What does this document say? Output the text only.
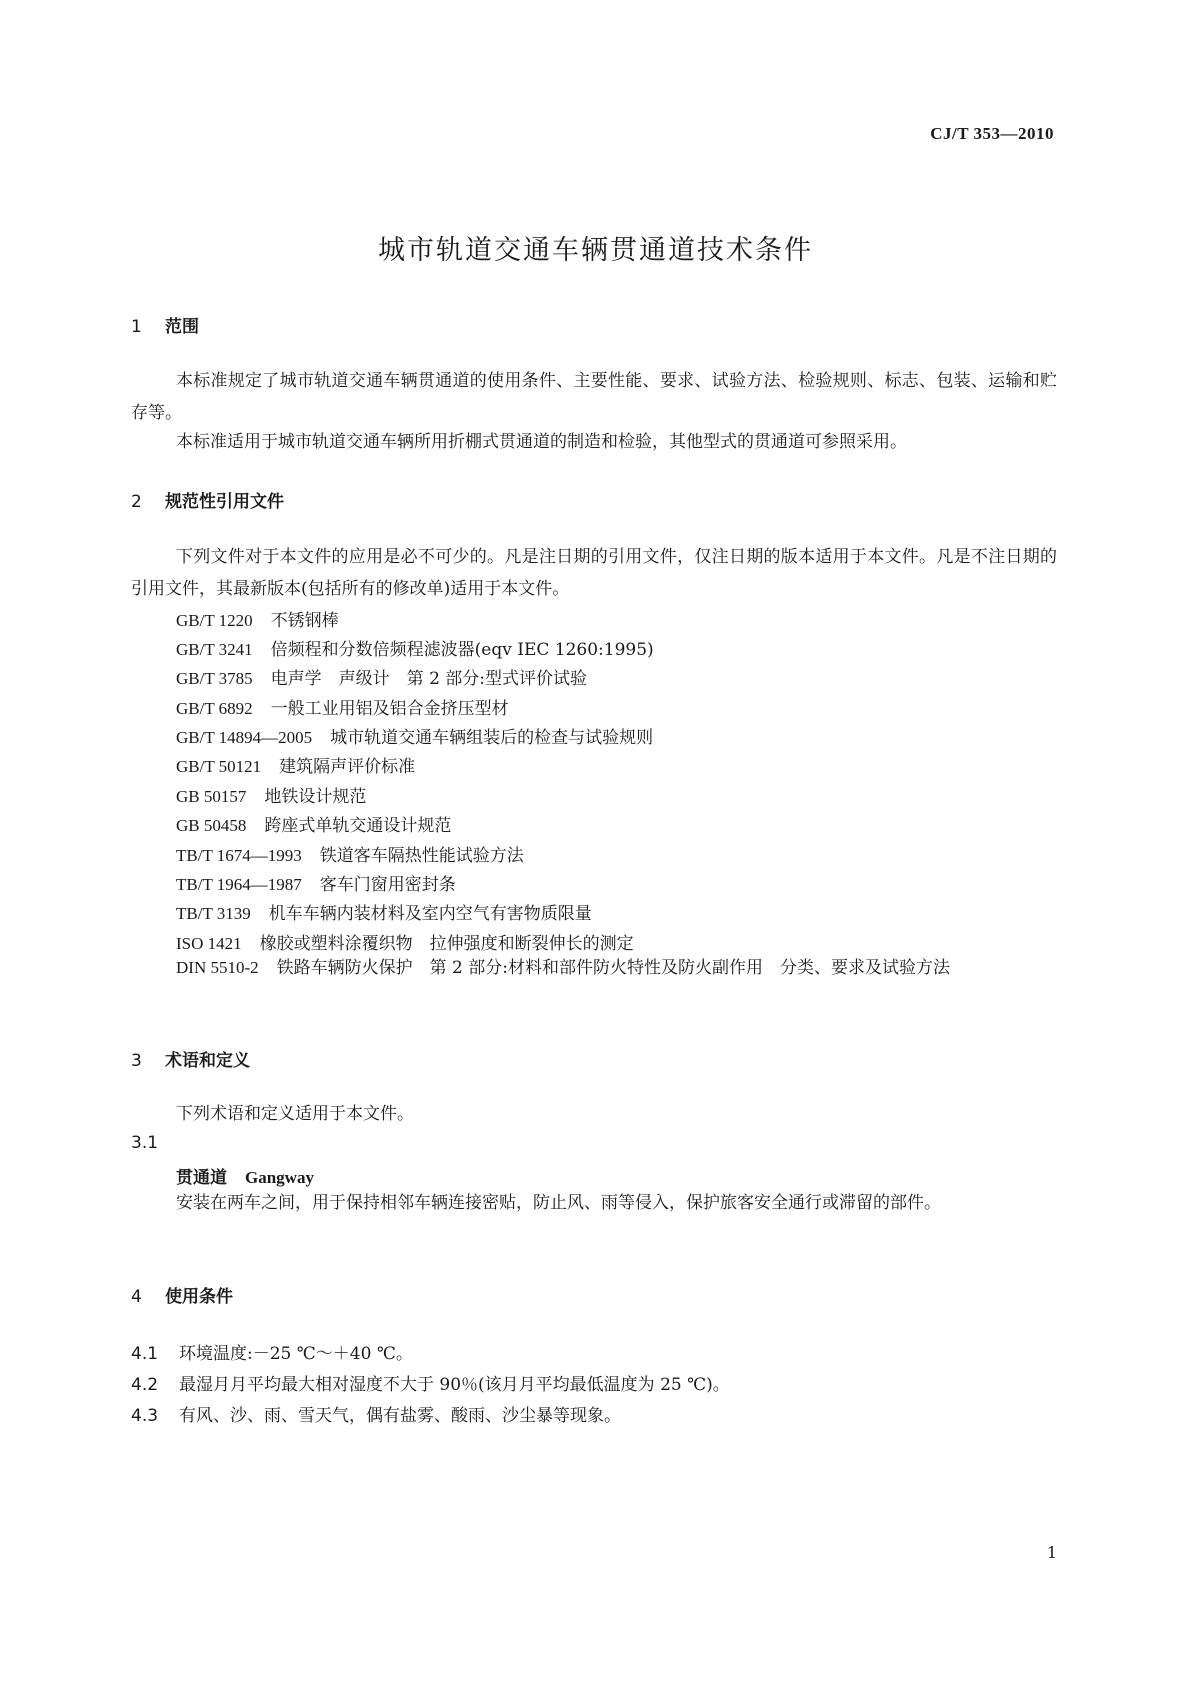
CJ/T 353—2010
城市轨道交通车辆贯通道技术条件
1 范围
本标准规定了城市轨道交通车辆贯通道的使用条件、主要性能、要求、试验方法、检验规则、标志、包装、运输和贮存等。
本标准适用于城市轨道交通车辆所用折棚式贯通道的制造和检验，其他型式的贯通道可参照采用。
2 规范性引用文件
下列文件对于本文件的应用是必不可少的。凡是注日期的引用文件，仅注日期的版本适用于本文件。凡是不注日期的引用文件，其最新版本(包括所有的修改单)适用于本文件。
GB/T 1220 不锈钢棒
GB/T 3241 倍频程和分数倍频程滤波器(eqv IEC 1260:1995)
GB/T 3785 电声学　声级计　第 2 部分:型式评价试验
GB/T 6892 一般工业用铝及铝合金挤压型材
GB/T 14894—2005 城市轨道交通车辆组装后的检查与试验规则
GB/T 50121 建筑隔声评价标准
GB 50157 地铁设计规范
GB 50458 跨座式单轨交通设计规范
TB/T 1674—1993 铁道客车隔热性能试验方法
TB/T 1964—1987 客车门窗用密封条
TB/T 3139 机车车辆内装材料及室内空气有害物质限量
ISO 1421 橡胶或塑料涂覆织物　拉伸强度和断裂伸长的测定
DIN 5510-2 铁路车辆防火保护　第 2 部分:材料和部件防火特性及防火副作用　分类、要求及试验方法
3 术语和定义
下列术语和定义适用于本文件。
3.1
贯通道 Gangway
安装在两车之间，用于保持相邻车辆连接密贴，防止风、雨等侵入，保护旅客安全通行或滞留的部件。
4 使用条件
4.1 环境温度:－25 ℃～＋40 ℃。
4.2 最湿月月平均最大相对湿度不大于 90％(该月月平均最低温度为 25 ℃)。
4.3 有风、沙、雨、雪天气，偶有盐雾、酸雨、沙尘暴等现象。
1
